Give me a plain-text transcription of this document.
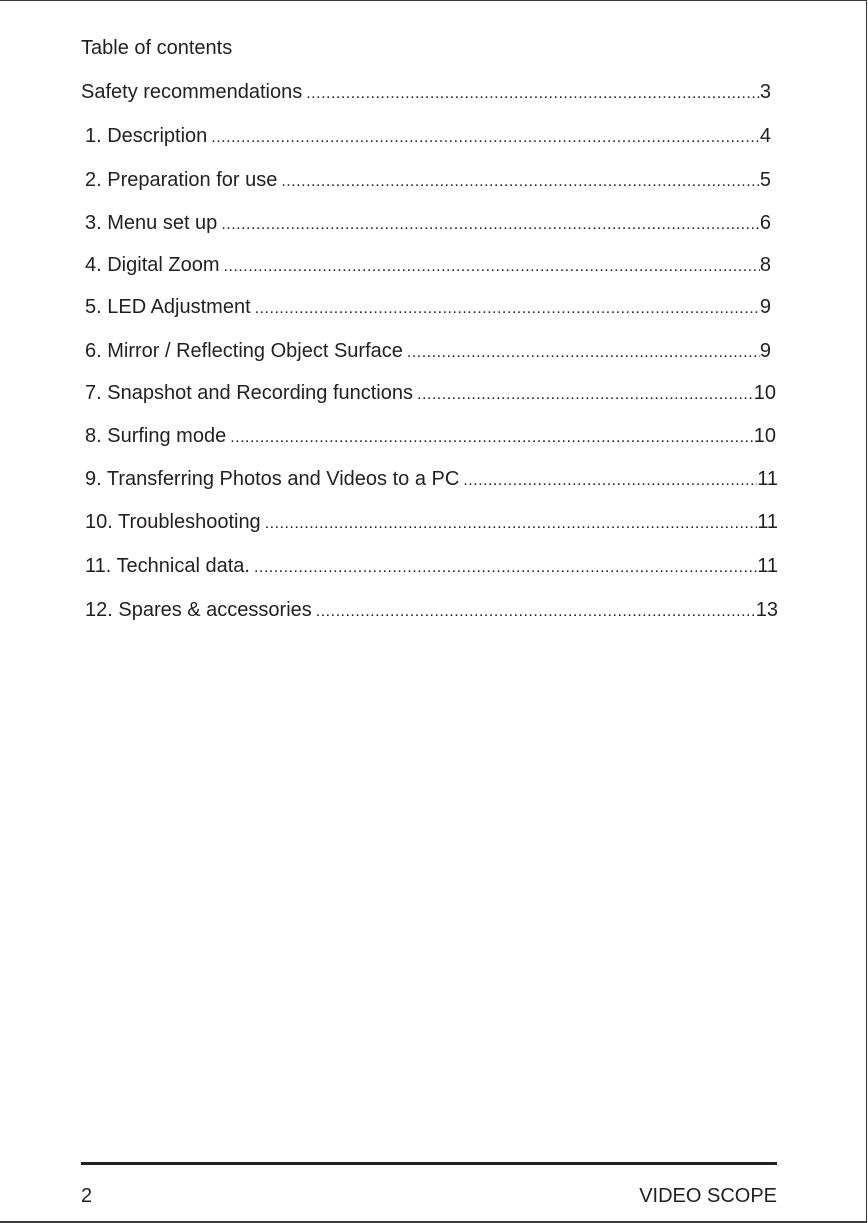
Table of contents
Safety recommendations .....	3
1. Description .....	4
2. Preparation for use .....	5
3. Menu set up .....	6
4. Digital Zoom .....	8
5. LED Adjustment .....	9
6. Mirror / Reflecting Object Surface .....	9
7. Snapshot and Recording functions .....	10
8. Surfing mode .....	10
9. Transferring Photos and Videos to a PC .....	11
10. Troubleshooting .....	11
11. Technical data. .....	11
12. Spares & accessories .....	13
2	VIDEO SCOPE
